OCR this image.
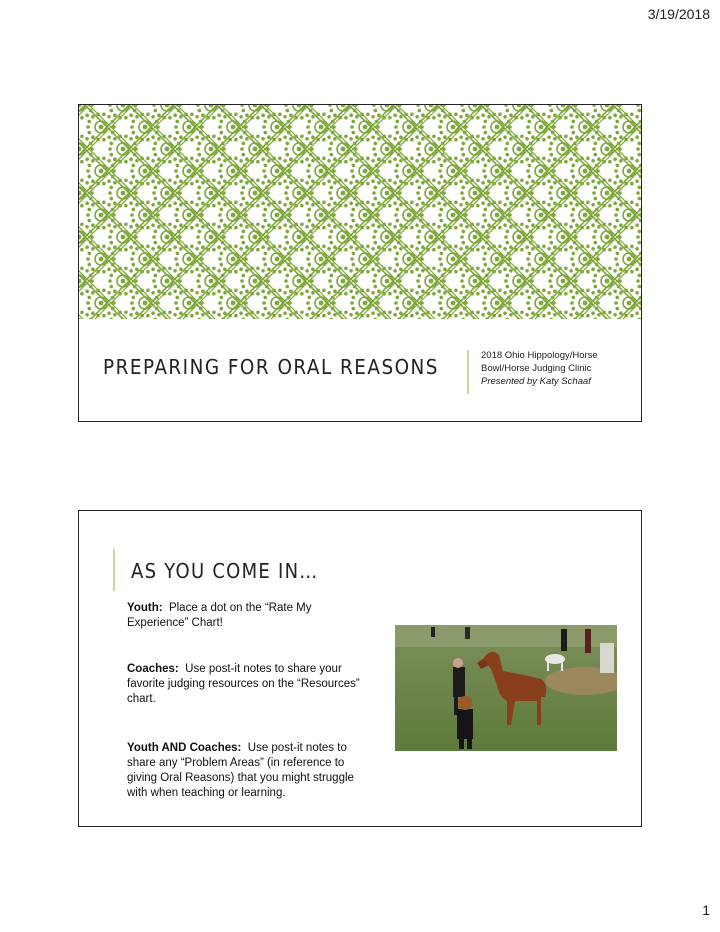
3/19/2018
PREPARING FOR ORAL REASONS	2018 Ohio Hippology/Horse
Bowl/Horse Judging Clinic
Presented by Katy Schaaf
AS YOU COME IN…
Youth: Place a dot on the “Rate My Experience” Chart!
Coaches: Use post-it notes to share your favorite judging resources on the “Resources” chart.
Youth AND Coaches: Use post-it notes to share any “Problem Areas” (in reference to giving Oral Reasons) that you might struggle with when teaching or learning.
1
